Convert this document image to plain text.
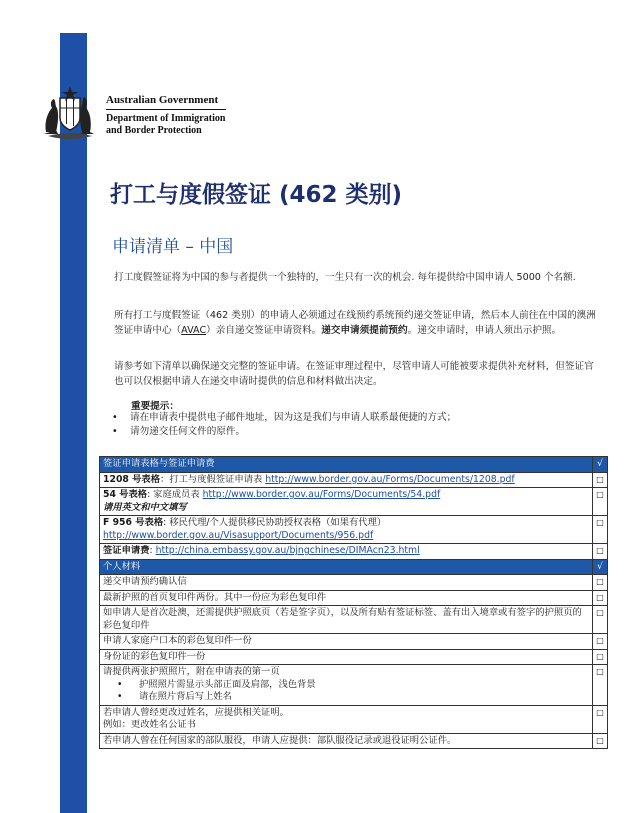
Australian Government
Department of Immigration
and Border Protection
打工与度假签证 (462 类别)
申请清单 – 中国
打工度假签证将为中国的参与者提供一个独特的，一生只有一次的机会. 每年提供给中国申请人 5000 个名额.
所有打工与度假签证（462 类别）的申请人必须通过在线预约系统预约递交签证申请，然后本人前往在中国的澳洲签证申请中心（AVAC）亲自递交签证申请资料。递交申请须提前预约。递交申请时，申请人须出示护照。
请参考如下清单以确保递交完整的签证申请。在签证审理过程中，尽管申请人可能被要求提供补充材料，但签证官也可以仅根据申请人在递交申请时提供的信息和材料做出决定。
重要提示：
•	请在申请表中提供电子邮件地址，因为这是我们与申请人联系最便捷的方式；
•	请勿递交任何文件的原件。
签证申请表格与签证申请费	√
1208 号表格：打工与度假签证申请表 http://www.border.gov.au/Forms/Documents/1208.pdf	□
54 号表格: 家庭成员表 http://www.border.gov.au/Forms/Documents/54.pdf
请用英文和中文填写	□
F 956 号表格: 移民代理/个人提供移民协助授权表格（如果有代理）
http://www.border.gov.au/Visasupport/Documents/956.pdf	□
签证申请费: http://china.embassy.gov.au/bjngchinese/DIMAcn23.html	□
个人材料	√
递交申请预约确认信	□
最新护照的首页复印件两份。其中一份应为彩色复印件	□
如申请人是首次赴澳，还需提供护照底页（若是签字页），以及所有贴有签证标签、盖有出入境章或有签字的护照页的彩色复印件	□
申请人家庭户口本的彩色复印件一份	□
身份证的彩色复印件一份	□

请提供两张护照照片，附在申请表的第一页
• 护照照片需显示头部正面及肩部，浅色背景
• 请在照片背后写上姓名	□

若申请人曾经更改过姓名，应提供相关证明。
例如：更改姓名公证书	□
若申请人曾在任何国家的部队服役，申请人应提供：部队服役记录或退役证明公证件。	□
